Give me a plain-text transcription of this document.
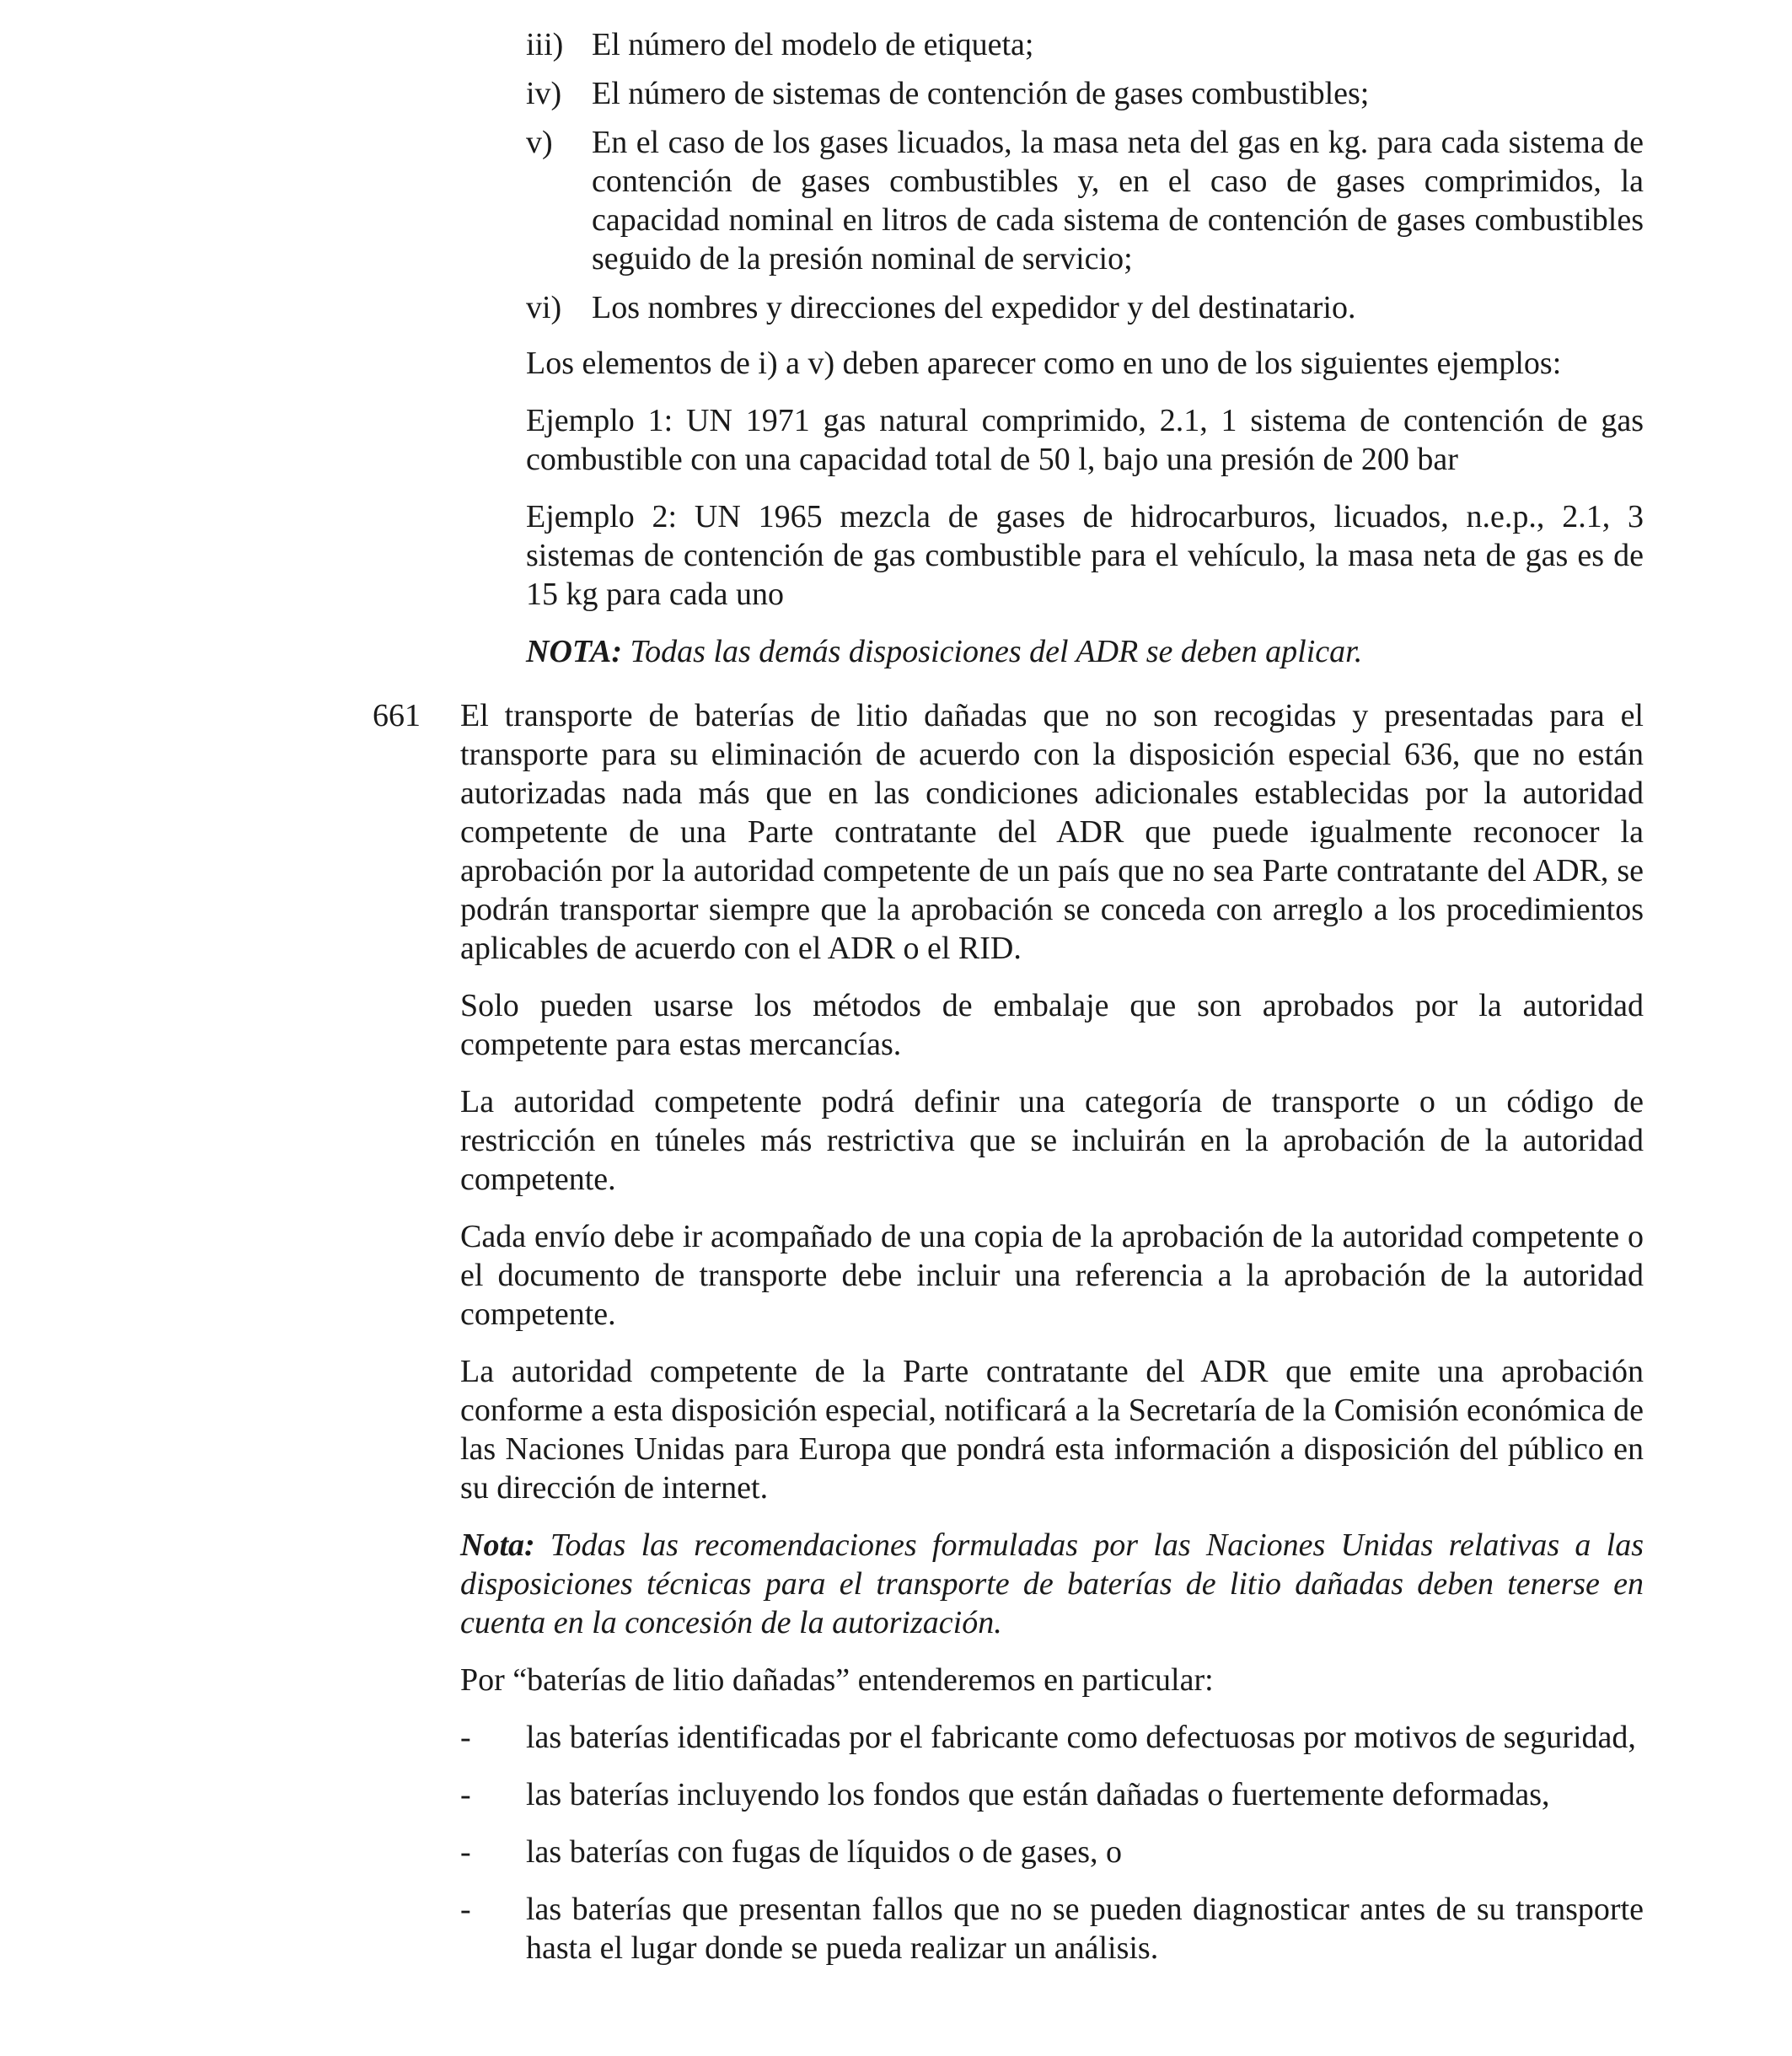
iii) El número del modelo de etiqueta;
iv) El número de sistemas de contención de gases combustibles;
v)	En el caso de los gases licuados, la masa neta del gas en kg. para cada sistema de contención de gases combustibles y, en el caso de gases comprimidos, la capacidad nominal en litros de cada sistema de contención de gases combustibles seguido de la presión nominal de servicio;
vi) Los nombres y direcciones del expedidor y del destinatario.

Los elementos de i) a v) deben aparecer como en uno de los siguientes ejemplos:

Ejemplo 1: UN 1971 gas natural comprimido, 2.1, 1 sistema de contención de gas combustible con una capacidad total de 50 l, bajo una presión de 200 bar

Ejemplo 2: UN 1965 mezcla de gases de hidrocarburos, licuados, n.e.p., 2.1, 3 sistemas de contención de gas combustible para el vehículo, la masa neta de gas es de 15 kg para cada uno

NOTA: Todas las demás disposiciones del ADR se deben aplicar.

661	El transporte de baterías de litio dañadas que no son recogidas y presentadas para el transporte para su eliminación de acuerdo con la disposición especial 636, que no están autorizadas nada más que en las condiciones adicionales establecidas por la autoridad competente de una Parte contratante del ADR que puede igualmente reconocer la aprobación por la autoridad competente de un país que no sea Parte contratante del ADR, se podrán transportar siempre que la aprobación se conceda con arreglo a los procedimientos aplicables de acuerdo con el ADR o el RID.

Solo pueden usarse los métodos de embalaje que son aprobados por la autoridad competente para estas mercancías.

La autoridad competente podrá definir una categoría de transporte o un código de restricción en túneles más restrictiva que se incluirán en la aprobación de la autoridad competente.

Cada envío debe ir acompañado de una copia de la aprobación de la autoridad competente o el documento de transporte debe incluir una referencia a la aprobación de la autoridad competente.

La autoridad competente de la Parte contratante del ADR que emite una aprobación conforme a esta disposición especial, notificará a la Secretaría de la Comisión económica de las Naciones Unidas para Europa que pondrá esta información a disposición del público en su dirección de internet.

Nota: Todas las recomendaciones formuladas por las Naciones Unidas relativas a las disposiciones técnicas para el transporte de baterías de litio dañadas deben tenerse en cuenta en la concesión de la autorización.

Por “baterías de litio dañadas” entenderemos en particular:

-	las baterías identificadas por el fabricante como defectuosas por motivos de seguridad,
-	las baterías incluyendo los fondos que están dañadas o fuertemente deformadas,
-	las baterías con fugas de líquidos o de gases, o
-	las baterías que presentan fallos que no se pueden diagnosticar antes de su transporte hasta el lugar donde se pueda realizar un análisis.
